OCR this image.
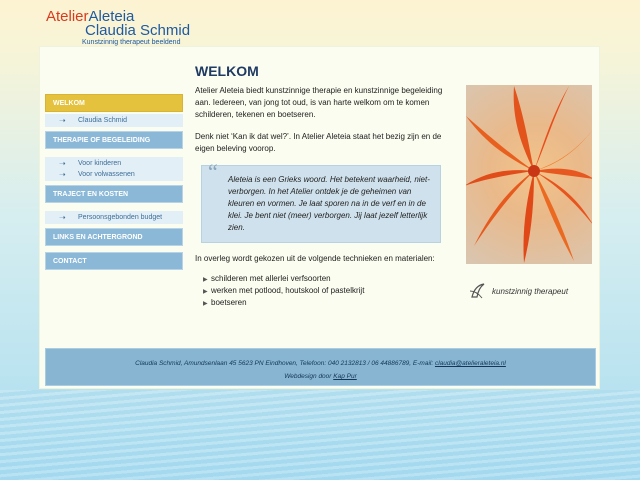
AtelierAleteia
Claudia Schmid
Kunstzinnig therapeut beeldend
WELKOM
➝	Claudia Schmid
THERAPIE OF BEGELEIDING
➝	Voor kinderen
➝	Voor volwassenen
TRAJECT EN KOSTEN
➝	Persoonsgebonden budget
LINKS EN ACHTERGROND
CONTACT
WELKOM

Atelier Aleteia biedt kunstzinnige therapie en kunstzinnige begeleiding aan. Iedereen, van jong tot oud, is van harte welkom om te komen schilderen, tekenen en boetseren.

Denk niet ‘Kan ik dat wel?’. In Atelier Aleteia staat het bezig zijn en de eigen beleving voorop.

“ Aleteia is een Grieks woord. Het betekent waarheid, niet-verborgen. In het Atelier ontdek je de geheimen van kleuren en vormen. Je laat sporen na in de verf en in de klei. Je bent niet (meer) verborgen. Jij laat jezelf letterlijk zien.

In overleg wordt gekozen uit de volgende technieken en materialen:

▶ schilderen met allerlei verfsoorten
▶ werken met potlood, houtskool of pastelkrijt
▶ boetseren
kunstzinnig therapeut
Claudia Schmid, Amundsenlaan 45 5623 PN Eindhoven, Telefoon: 040 2132813 / 06 44886789, E-mail: claudia@atelieraleteia.nl
Webdesign door Kap Pur
